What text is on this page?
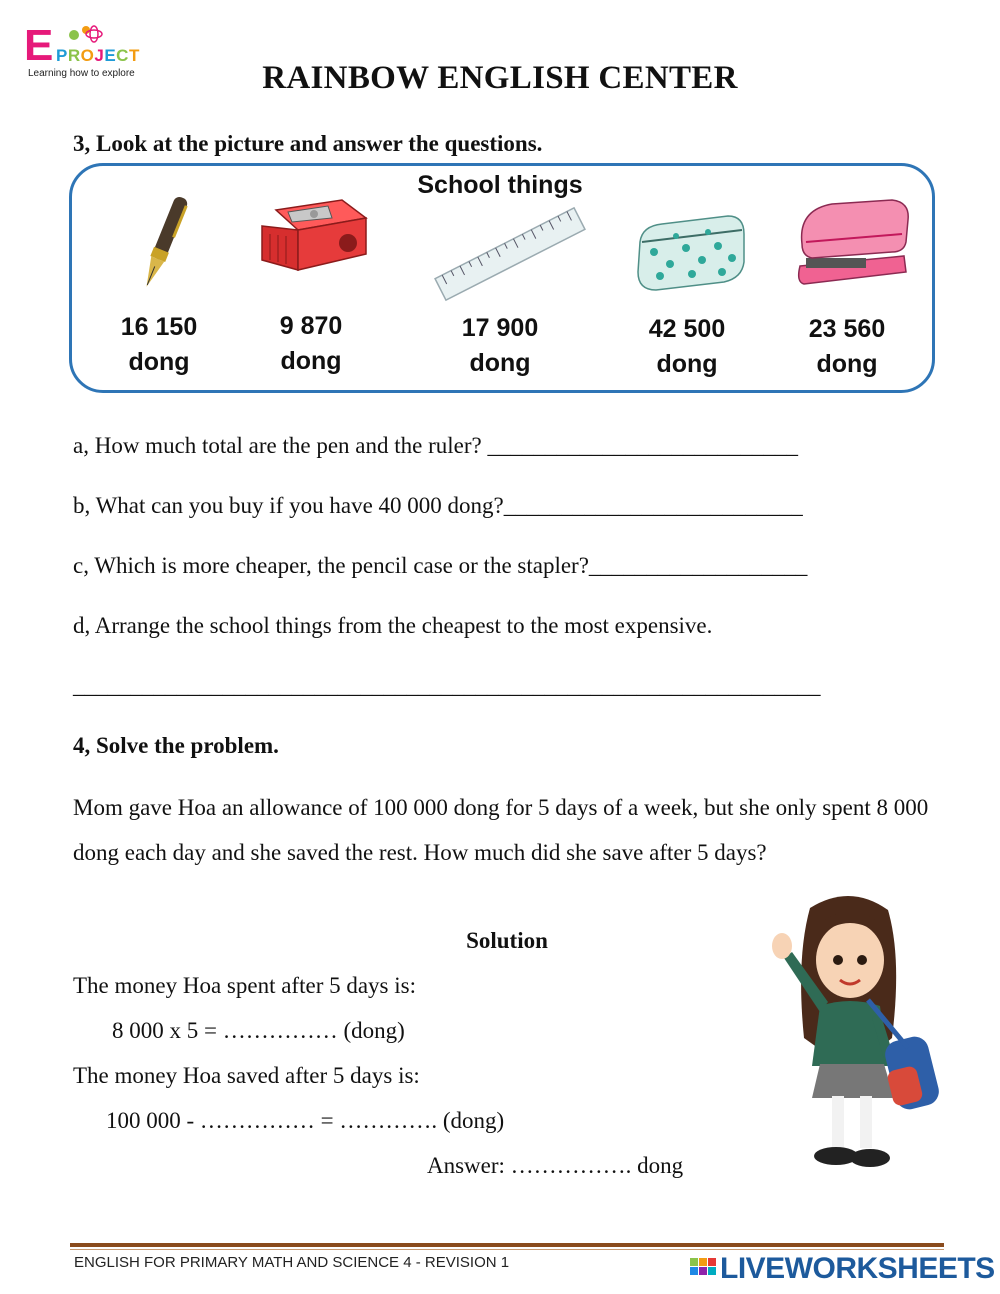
E PROJECT
Learning how to explore	RAINBOW ENGLISH CENTER
3, Look at the picture and answer the questions.
School things
16 150
dong
9 870
dong
17 900
dong
42 500
dong
23 560
dong
a, How much total are the pen and the ruler? ___________________________
b, What can you buy if you have 40 000 dong?__________________________
c, Which is more cheaper, the pencil case or the stapler?___________________
d, Arrange the school things from the cheapest to the most expensive.
_________________________________________________________________
4, Solve the problem.
Mom gave Hoa an allowance of 100 000 dong for 5 days of a week, but she only spent 8 000 dong each day and she saved the rest. How much did she save after 5 days?
Solution
The money Hoa spent after 5 days is:
8 000 x 5 = …………… (dong)
The money Hoa saved after 5 days is:
100 000 - …………… = …………. (dong)
Answer: ……………. dong
ENGLISH FOR PRIMARY MATH AND SCIENCE 4 - REVISION 1	LIVEWORKSHEETS
